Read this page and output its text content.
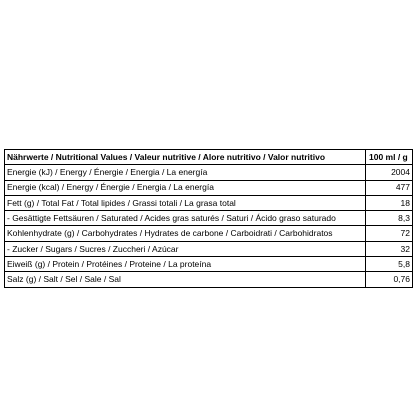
Nährwerte / Nutritional Values / Valeur nutritive / Alore nutritivo / Valor nutritivo	100 ml / g
Energie (kJ) / Energy / Énergie / Energia / La energía	2004
Energie (kcal) / Energy / Énergie / Energia / La energía	477
Fett (g) / Total Fat / Total lipides / Grassi totali / La grasa total	18
- Gesättigte Fettsäuren / Saturated / Acides gras saturés / Saturi / Ácido graso saturado	8,3
Kohlenhydrate (g) / Carbohydrates / Hydrates de carbone / Carboidrati / Carbohidratos	72
- Zucker / Sugars / Sucres / Zuccheri / Azúcar	32
Eiweiß (g) / Protein / Protéines / Proteine / La proteína	5,8
Salz (g) / Salt / Sel / Sale / Sal	0,76
